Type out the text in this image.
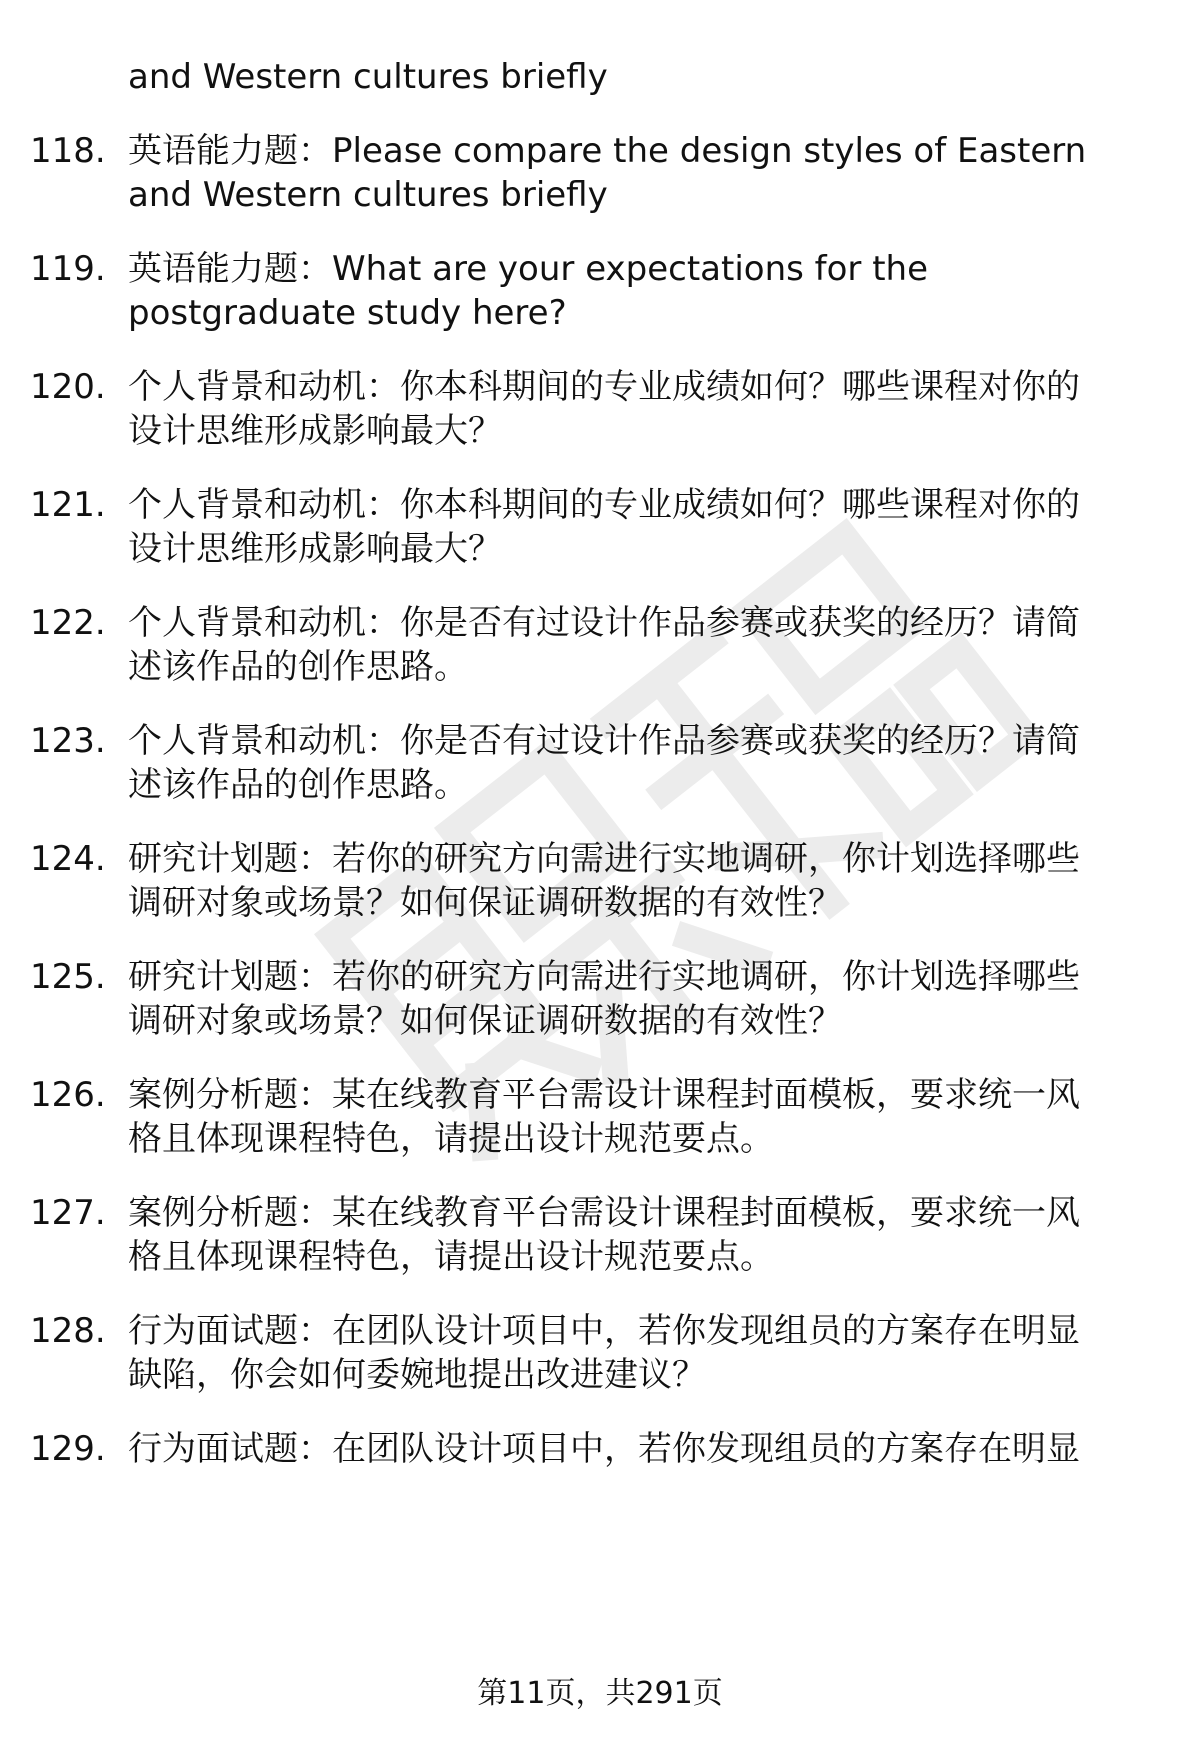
and Western cultures briefly
118. 英语能力题：Please compare the design styles of Eastern
and Western cultures briefly
119. 英语能力题：What are your expectations for the
postgraduate study here?
120. 个人背景和动机：你本科期间的专业成绩如何？哪些课程对你的
设计思维形成影响最大？
121. 个人背景和动机：你本科期间的专业成绩如何？哪些课程对你的
设计思维形成影响最大？
122. 个人背景和动机：你是否有过设计作品参赛或获奖的经历？请简
述该作品的创作思路。
123. 个人背景和动机：你是否有过设计作品参赛或获奖的经历？请简
述该作品的创作思路。
124. 研究计划题：若你的研究方向需进行实地调研，你计划选择哪些
调研对象或场景？如何保证调研数据的有效性？
125. 研究计划题：若你的研究方向需进行实地调研，你计划选择哪些
调研对象或场景？如何保证调研数据的有效性？
126. 案例分析题：某在线教育平台需设计课程封面模板，要求统一风
格且体现课程特色，请提出设计规范要点。
127. 案例分析题：某在线教育平台需设计课程封面模板，要求统一风
格且体现课程特色，请提出设计规范要点。
128. 行为面试题：在团队设计项目中，若你发现组员的方案存在明显
缺陷，你会如何委婉地提出改进建议？
129. 行为面试题：在团队设计项目中，若你发现组员的方案存在明显
第11页，共291页
